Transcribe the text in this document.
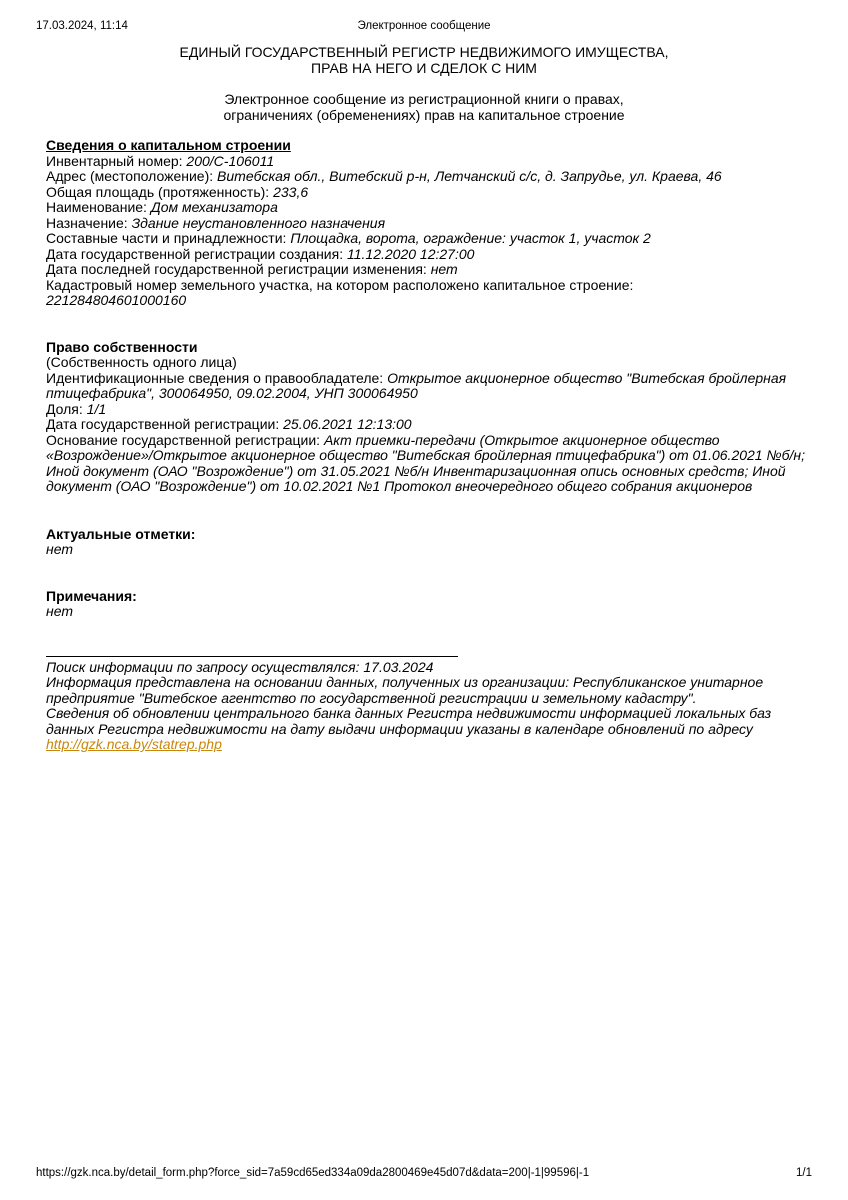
17.03.2024, 11:14	Электронное сообщение
ЕДИНЫЙ ГОСУДАРСТВЕННЫЙ РЕГИСТР НЕДВИЖИМОГО ИМУЩЕСТВА,
ПРАВ НА НЕГО И СДЕЛОК С НИМ
Электронное сообщение из регистрационной книги о правах,
ограничениях (обременениях) прав на капитальное строение
Сведения о капитальном строении
Инвентарный номер: 200/С-106011
Адрес (местоположение): Витебская обл., Витебский р-н, Летчанский с/с, д. Запрудье, ул. Краева, 46
Общая площадь (протяженность): 233,6
Наименование: Дом механизатора
Назначение: Здание неустановленного назначения
Составные части и принадлежности: Площадка, ворота, ограждение: участок 1, участок 2
Дата государственной регистрации создания: 11.12.2020 12:27:00
Дата последней государственной регистрации изменения: нет
Кадастровый номер земельного участка, на котором расположено капитальное строение:
221284804601000160
Право собственности
(Собственность одного лица)
Идентификационные сведения о правообладателе: Открытое акционерное общество "Витебская бройлерная птицефабрика", 300064950, 09.02.2004, УНП 300064950
Доля: 1/1
Дата государственной регистрации: 25.06.2021 12:13:00
Основание государственной регистрации: Акт приемки-передачи (Открытое акционерное общество «Возрождение»/Открытое акционерное общество "Витебская бройлерная птицефабрика") от 01.06.2021 №б/н; Иной документ (ОАО "Возрождение") от 31.05.2021 №б/н Инвентаризационная опись основных средств; Иной документ (ОАО "Возрождение") от 10.02.2021 №1 Протокол внеочередного общего собрания акционеров
Актуальные отметки:
нет
Примечания:
нет
Поиск информации по запросу осуществлялся: 17.03.2024
Информация представлена на основании данных, полученных из организации: Республиканское унитарное предприятие "Витебское агентство по государственной регистрации и земельному кадастру".
Сведения об обновлении центрального банка данных Регистра недвижимости информацией локальных баз данных Регистра недвижимости на дату выдачи информации указаны в календаре обновлений по адресу
http://gzk.nca.by/statrep.php
https://gzk.nca.by/detail_form.php?force_sid=7a59cd65ed334a09da2800469e45d07d&data=200|-1|99596|-1	1/1
